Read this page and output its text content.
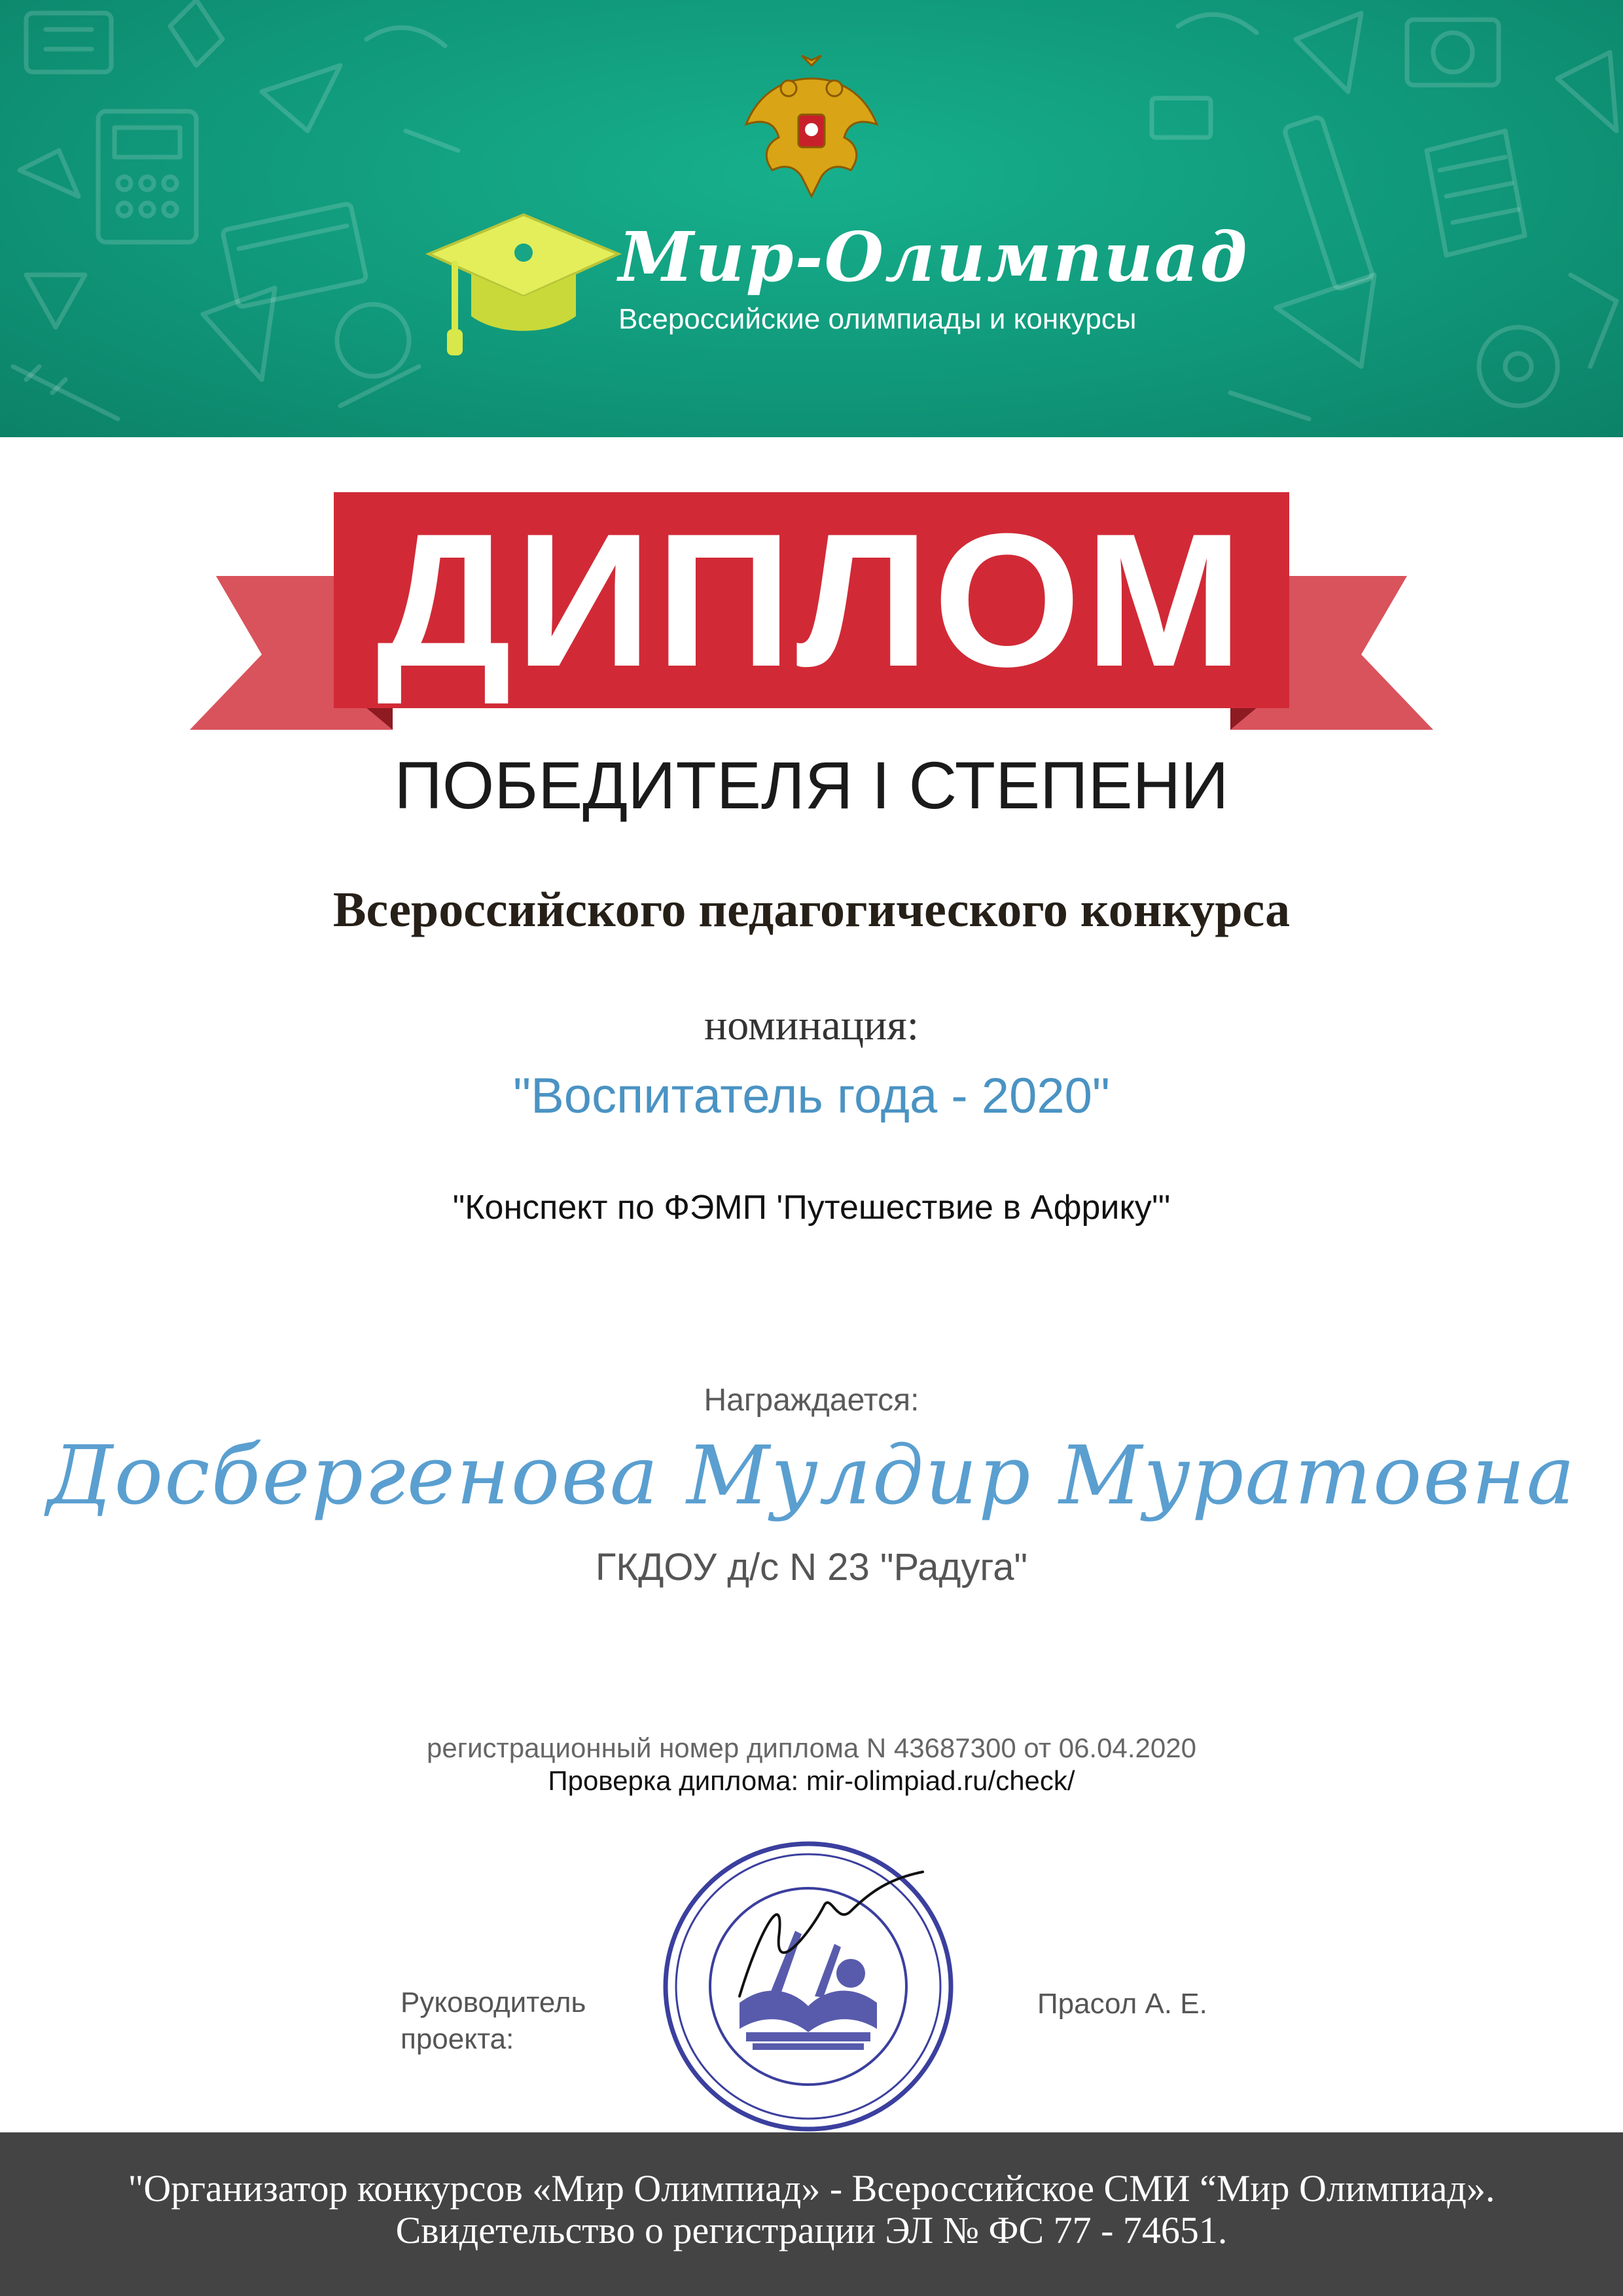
Мир-Олимпиад
Всероссийские олимпиады и конкурсы
ДИПЛОМ
ПОБЕДИТЕЛЯ I СТЕПЕНИ
Всероссийского педагогического конкурса
номинация:
"Воспитатель года - 2020"
"Конспект по ФЭМП 'Путешествие в Африку'"
Награждается:
Досбергенова Мулдир Муратовна
ГКДОУ д/с N 23 "Радуга"
регистрационный номер диплома N 43687300 от 06.04.2020
Проверка диплома: mir-olimpiad.ru/check/
Руководитель проекта:
Прасол А. Е.
"Организатор конкурсов «Мир Олимпиад» - Всероссийское СМИ “Мир Олимпиад».
Свидетельство о регистрации ЭЛ № ФС 77 - 74651.
